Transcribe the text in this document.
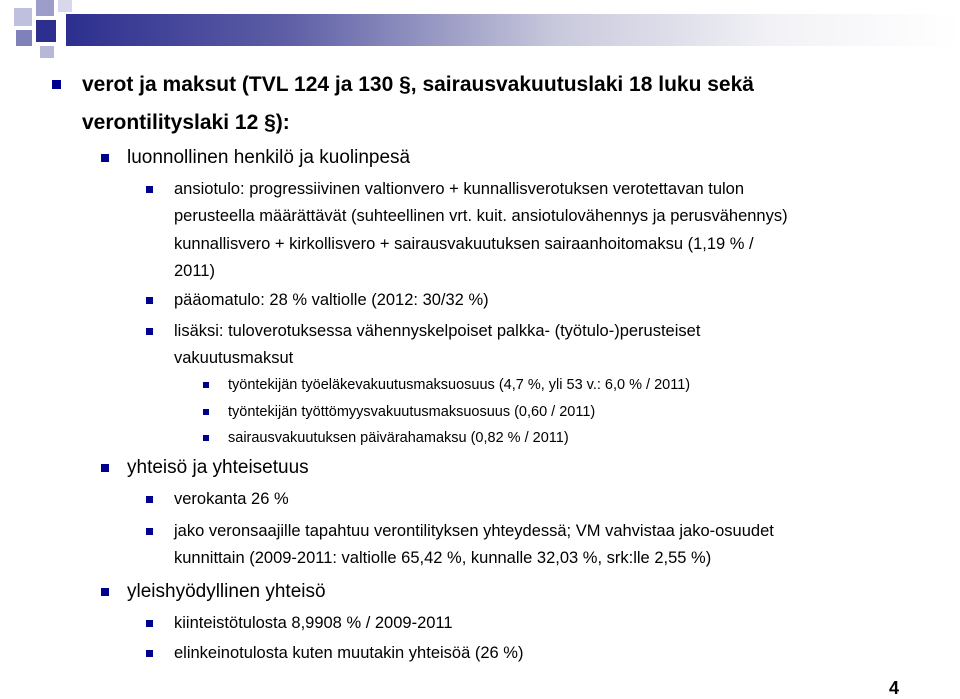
verot ja maksut (TVL 124 ja 130 §, sairausvakuutuslaki 18 luku sekä
verontilityslaki 12 §):
luonnollinen henkilö ja kuolinpesä
ansiotulo: progressiivinen valtionvero + kunnallisverotuksen verotettavan tulon
perusteella määrättävät (suhteellinen vrt. kuit. ansiotulovähennys ja perusvähennys)
kunnallisvero + kirkollisvero + sairausvakuutuksen sairaanhoitomaksu (1,19 % /
2011)
pääomatulo: 28 % valtiolle (2012: 30/32 %)
lisäksi: tuloverotuksessa vähennyskelpoiset palkka- (työtulo-)perusteiset
vakuutusmaksut
työntekijän työeläkevakuutusmaksuosuus (4,7 %, yli 53 v.: 6,0 % / 2011)
työntekijän työttömyysvakuutusmaksuosuus (0,60 / 2011)
sairausvakuutuksen päivärahamaksu (0,82 % / 2011)
yhteisö ja yhteisetuus
verokanta 26 %
jako veronsaajille tapahtuu verontilityksen yhteydessä; VM vahvistaa jako-osuudet
kunnittain (2009-2011: valtiolle 65,42 %, kunnalle 32,03 %, srk:lle 2,55 %)
yleishyödyllinen yhteisö
kiinteistötulosta 8,9908 % / 2009-2011
elinkeinotulosta kuten muutakin yhteisöä (26 %)
4
